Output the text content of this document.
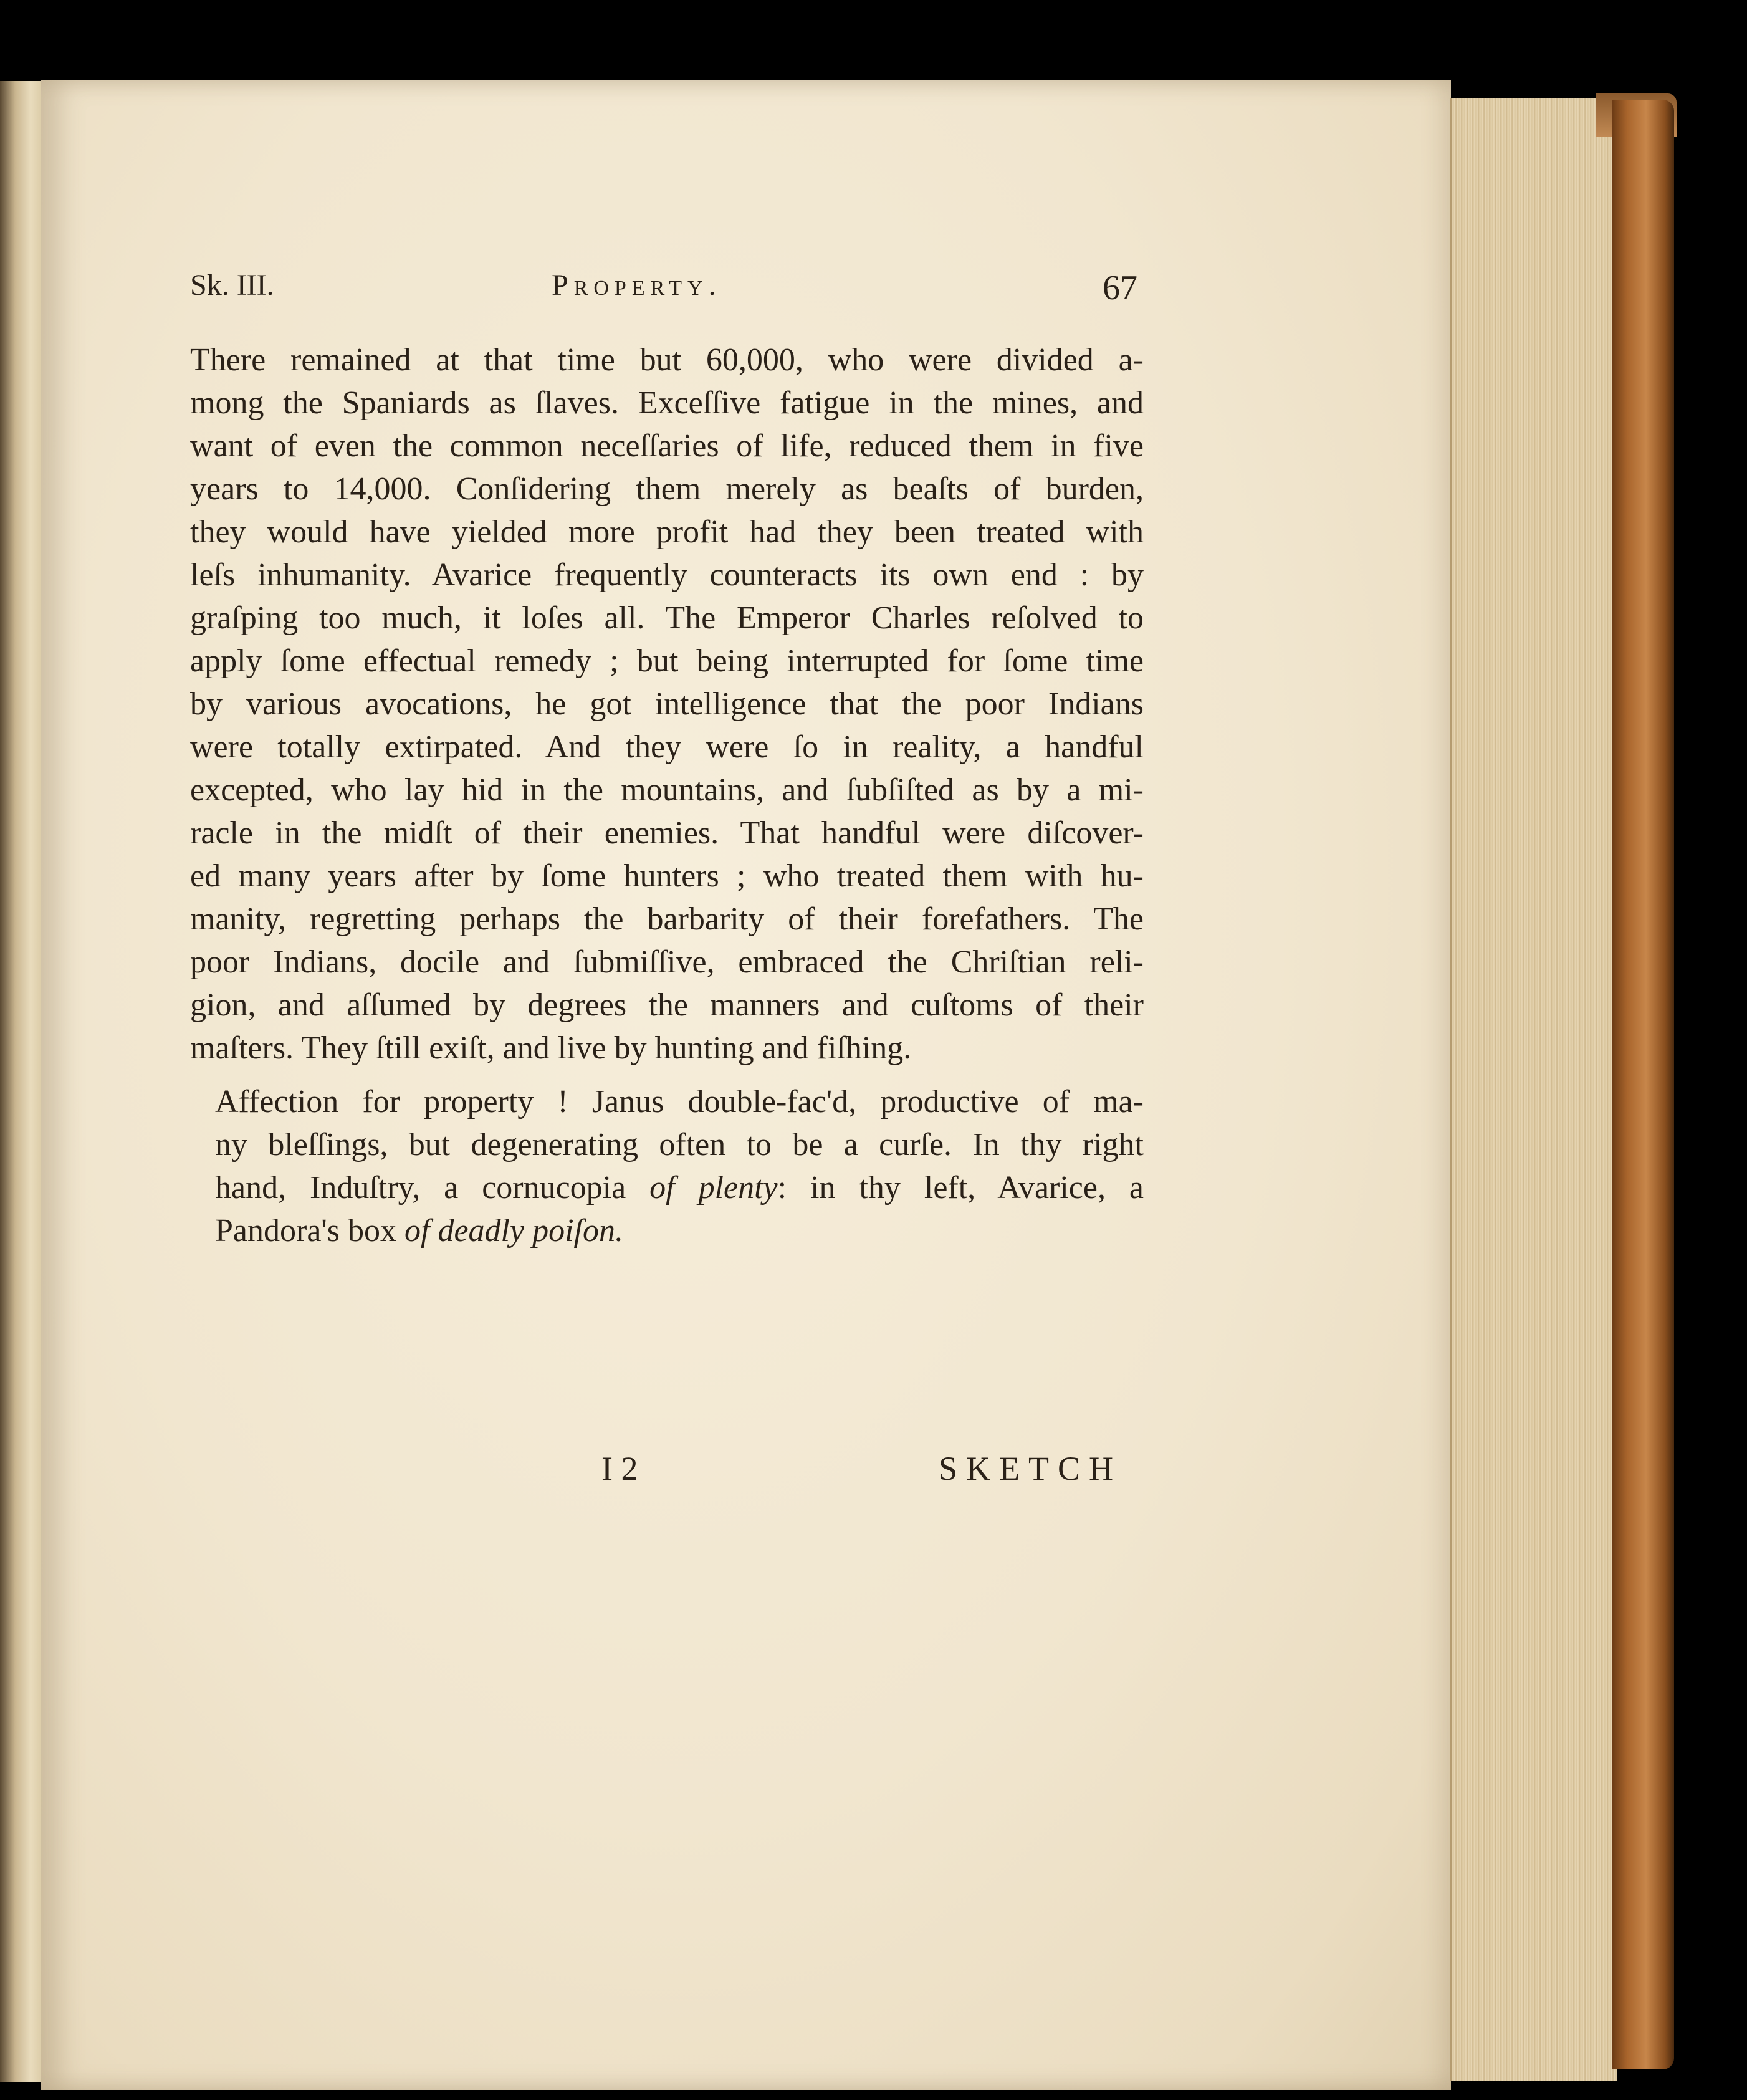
Sk. III.	Property.	67
There remained at that time but 60,000, who were divided a-
mong the Spaniards as ſlaves. Exceſſive fatigue in the mines, and
want of even the common neceſſaries of life, reduced them in five
years to 14,000. Conſidering them merely as beaſts of burden,
they would have yielded more profit had they been treated with
leſs inhumanity. Avarice frequently counteracts its own end : by
graſping too much, it loſes all. The Emperor Charles reſolved to
apply ſome effectual remedy ; but being interrupted for ſome time
by various avocations, he got intelligence that the poor Indians
were totally extirpated. And they were ſo in reality, a handful
excepted, who lay hid in the mountains, and ſubſiſted as by a mi-
racle in the midſt of their enemies. That handful were diſcover-
ed many years after by ſome hunters ; who treated them with hu-
manity, regretting perhaps the barbarity of their forefathers. The
poor Indians, docile and ſubmiſſive, embraced the Chriſtian reli-
gion, and aſſumed by degrees the manners and cuſtoms of their
maſters. They ſtill exiſt, and live by hunting and fiſhing.
Affection for property ! Janus double-fac'd, productive of ma-
ny bleſſings, but degenerating often to be a curſe. In thy right
hand, Induſtry, a cornucopia of plenty: in thy left, Avarice, a
Pandora's box of deadly poiſon.
I 2	SKETCH
